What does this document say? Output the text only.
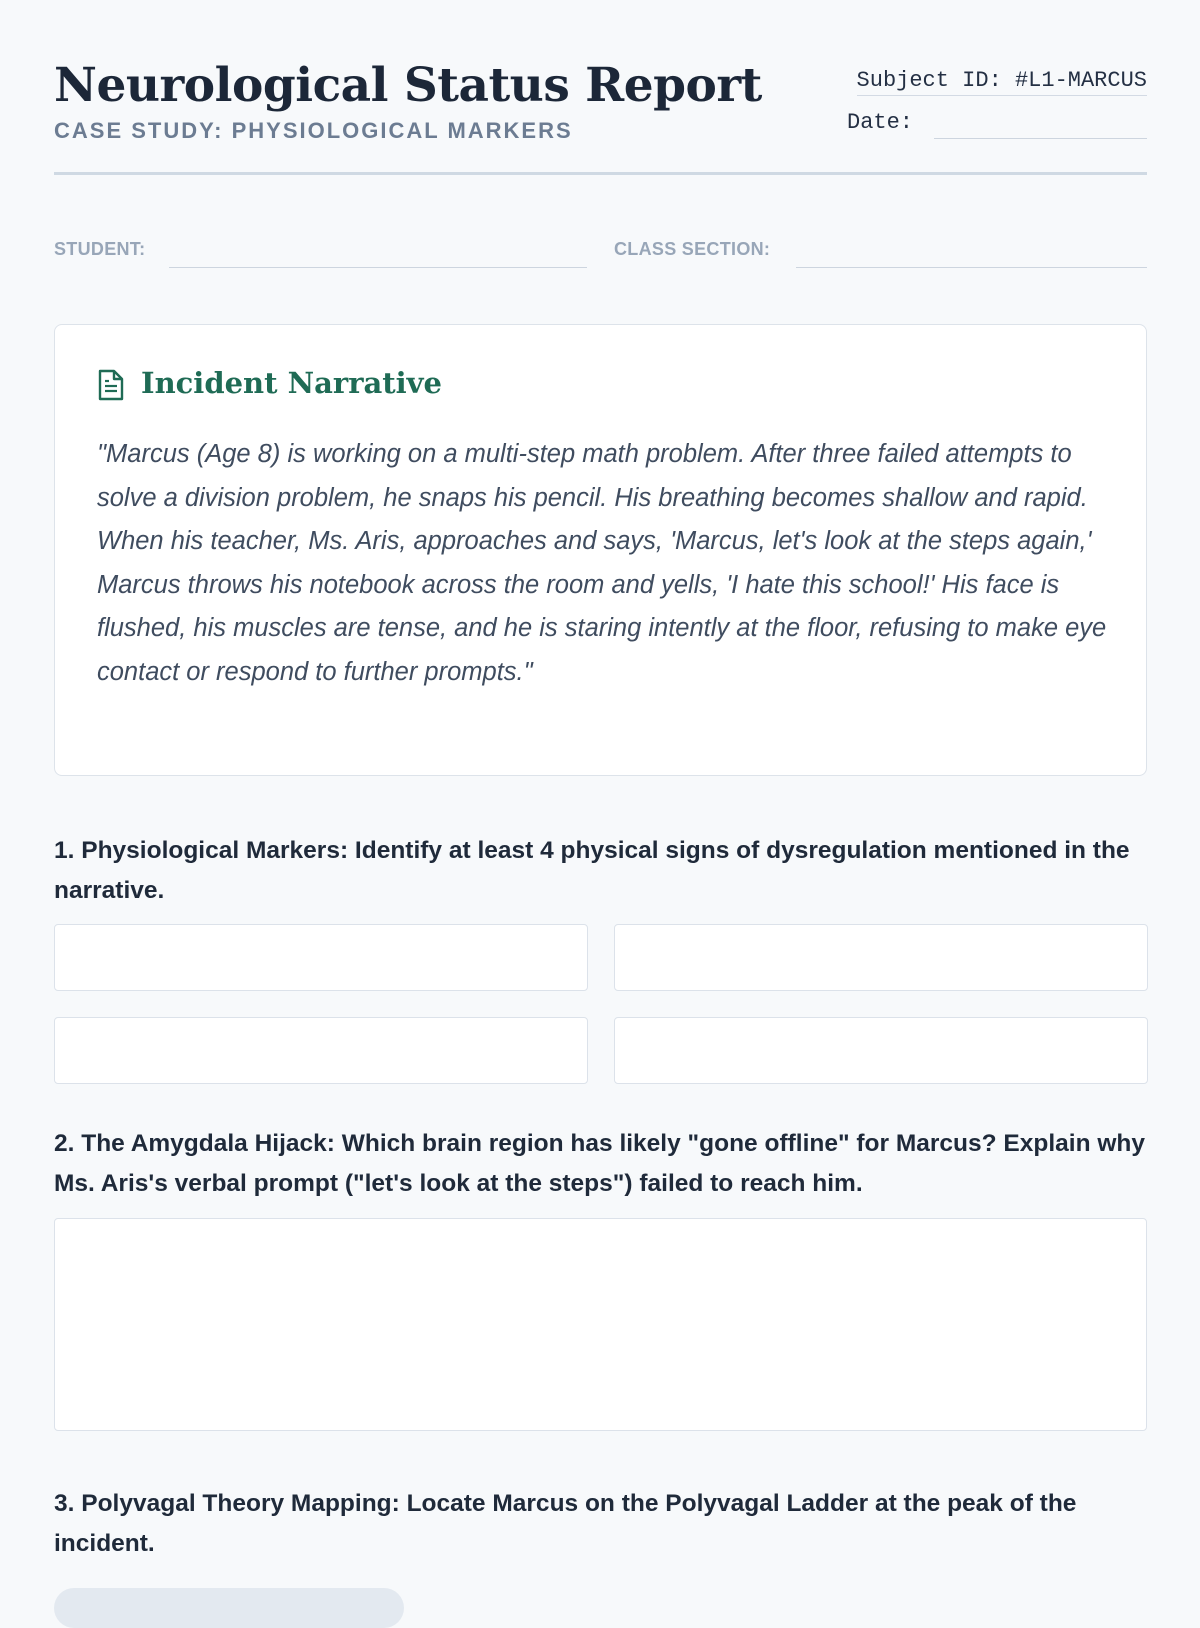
Neurological Status Report
CASE STUDY: PHYSIOLOGICAL MARKERS
Subject ID: #L1-MARCUS
Date:
STUDENT:	CLASS SECTION:
Incident Narrative

"Marcus (Age 8) is working on a multi-step math problem. After three failed attempts to solve a division problem, he snaps his pencil. His breathing becomes shallow and rapid. When his teacher, Ms. Aris, approaches and says, 'Marcus, let's look at the steps again,' Marcus throws his notebook across the room and yells, 'I hate this school!' His face is flushed, his muscles are tense, and he is staring intently at the floor, refusing to make eye contact or respond to further prompts."

1. Physiological Markers: Identify at least 4 physical signs of dysregulation mentioned in the narrative.

2. The Amygdala Hijack: Which brain region has likely "gone offline" for Marcus? Explain why Ms. Aris's verbal prompt ("let's look at the steps") failed to reach him.

3. Polyvagal Theory Mapping: Locate Marcus on the Polyvagal Ladder at the peak of the incident.
